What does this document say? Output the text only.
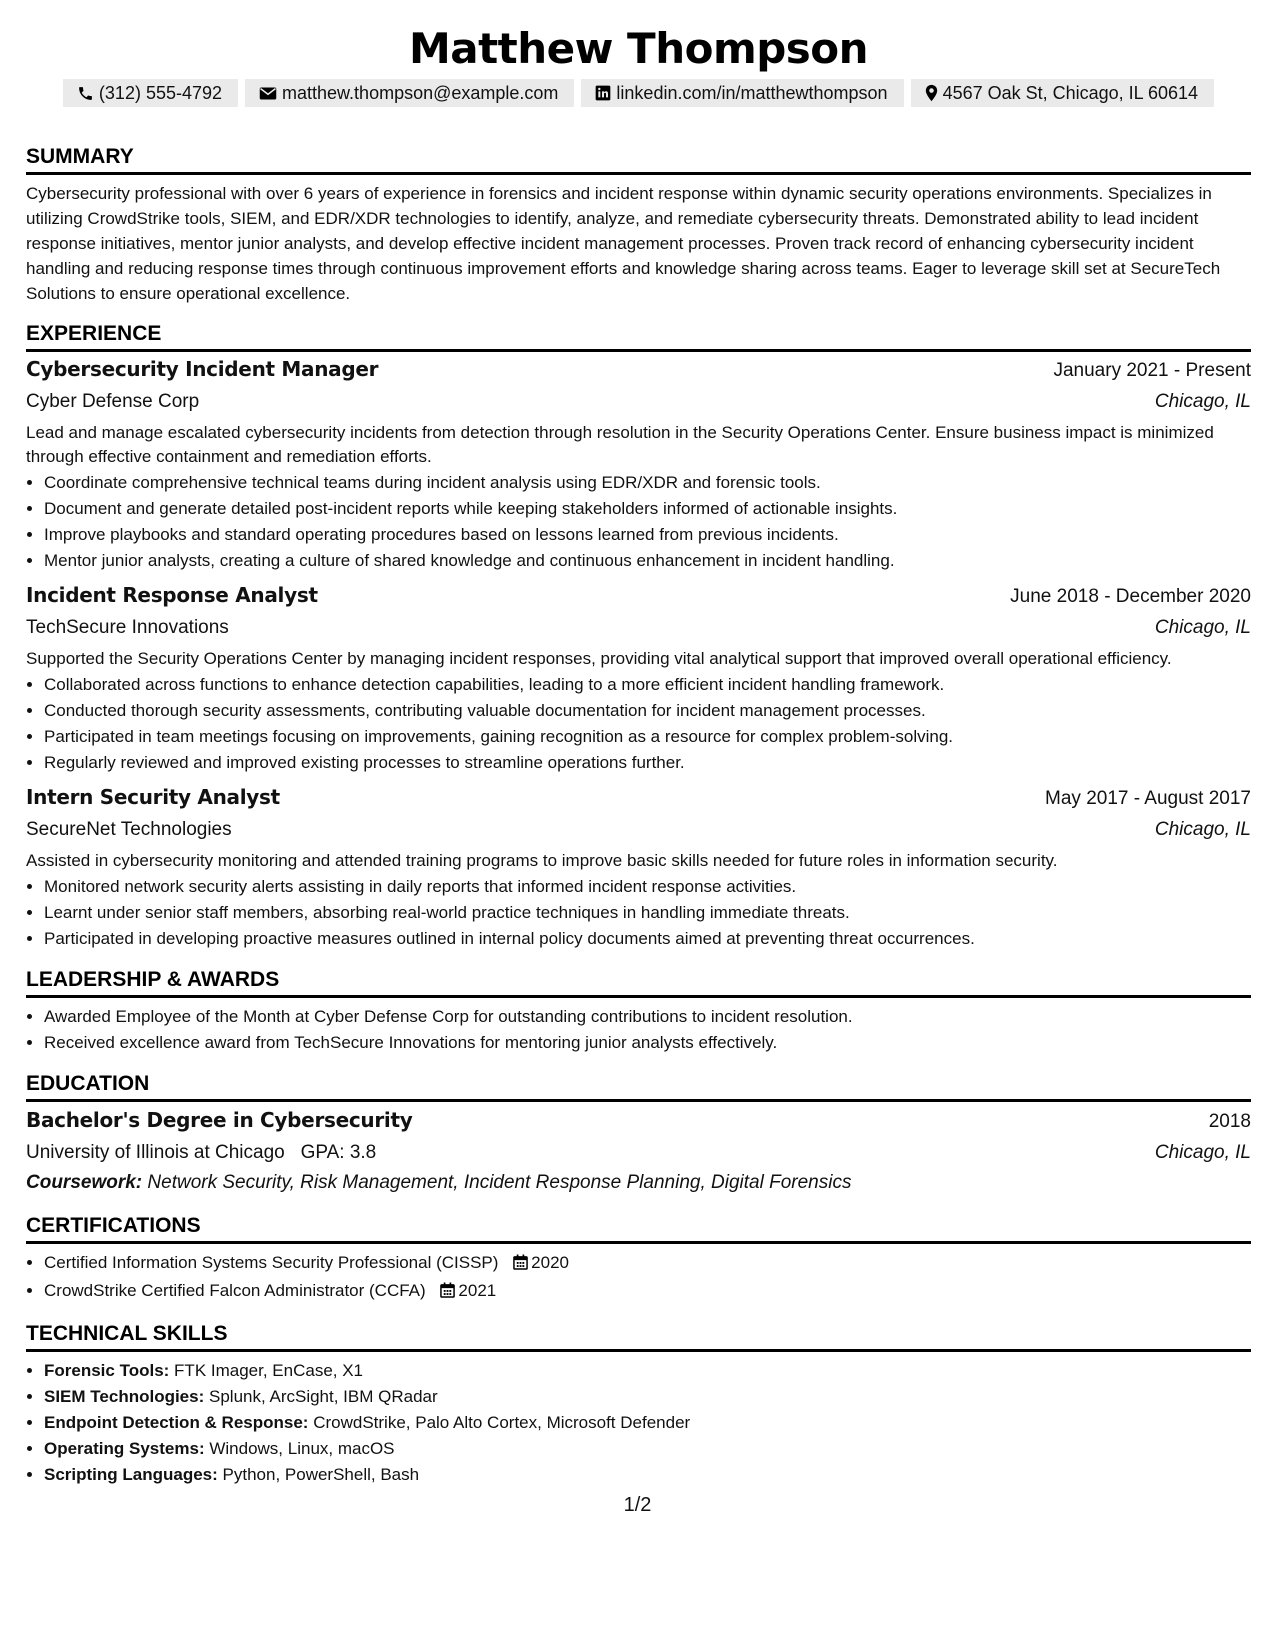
Matthew Thompson
(312) 555-4792	matthew.thompson@example.com	linkedin.com/in/matthewthompson	4567 Oak St, Chicago, IL 60614
SUMMARY

Cybersecurity professional with over 6 years of experience in forensics and incident response within dynamic security operations environments. Specializes in utilizing CrowdStrike tools, SIEM, and EDR/XDR technologies to identify, analyze, and remediate cybersecurity threats. Demonstrated ability to lead incident response initiatives, mentor junior analysts, and develop effective incident management processes. Proven track record of enhancing cybersecurity incident handling and reducing response times through continuous improvement efforts and knowledge sharing across teams. Eager to leverage skill set at SecureTech Solutions to ensure operational excellence.

EXPERIENCE
Cybersecurity Incident Manager	January 2021 - Present
Cyber Defense Corp	Chicago, IL

Lead and manage escalated cybersecurity incidents from detection through resolution in the Security Operations Center. Ensure business impact is minimized through effective containment and remediation efforts.

• Coordinate comprehensive technical teams during incident analysis using EDR/XDR and forensic tools.
• Document and generate detailed post-incident reports while keeping stakeholders informed of actionable insights.
• Improve playbooks and standard operating procedures based on lessons learned from previous incidents.
• Mentor junior analysts, creating a culture of shared knowledge and continuous enhancement in incident handling.
Incident Response Analyst	June 2018 - December 2020
TechSecure Innovations	Chicago, IL

Supported the Security Operations Center by managing incident responses, providing vital analytical support that improved overall operational efficiency.

• Collaborated across functions to enhance detection capabilities, leading to a more efficient incident handling framework.
• Conducted thorough security assessments, contributing valuable documentation for incident management processes.
• Participated in team meetings focusing on improvements, gaining recognition as a resource for complex problem-solving.
• Regularly reviewed and improved existing processes to streamline operations further.
Intern Security Analyst	May 2017 - August 2017
SecureNet Technologies	Chicago, IL

Assisted in cybersecurity monitoring and attended training programs to improve basic skills needed for future roles in information security.

• Monitored network security alerts assisting in daily reports that informed incident response activities.
• Learnt under senior staff members, absorbing real-world practice techniques in handling immediate threats.
• Participated in developing proactive measures outlined in internal policy documents aimed at preventing threat occurrences.
LEADERSHIP & AWARDS
• Awarded Employee of the Month at Cyber Defense Corp for outstanding contributions to incident resolution.
• Received excellence award from TechSecure Innovations for mentoring junior analysts effectively.
EDUCATION
Bachelor's Degree in Cybersecurity	2018
University of Illinois at Chicago GPA: 3.8	Chicago, IL
Coursework: Network Security, Risk Management, Incident Response Planning, Digital Forensics
CERTIFICATIONS
• Certified Information Systems Security Professional (CISSP) 2020
• CrowdStrike Certified Falcon Administrator (CCFA) 2021
TECHNICAL SKILLS
• Forensic Tools: FTK Imager, EnCase, X1
• SIEM Technologies: Splunk, ArcSight, IBM QRadar
• Endpoint Detection & Response: CrowdStrike, Palo Alto Cortex, Microsoft Defender
• Operating Systems: Windows, Linux, macOS
• Scripting Languages: Python, PowerShell, Bash
1/2
